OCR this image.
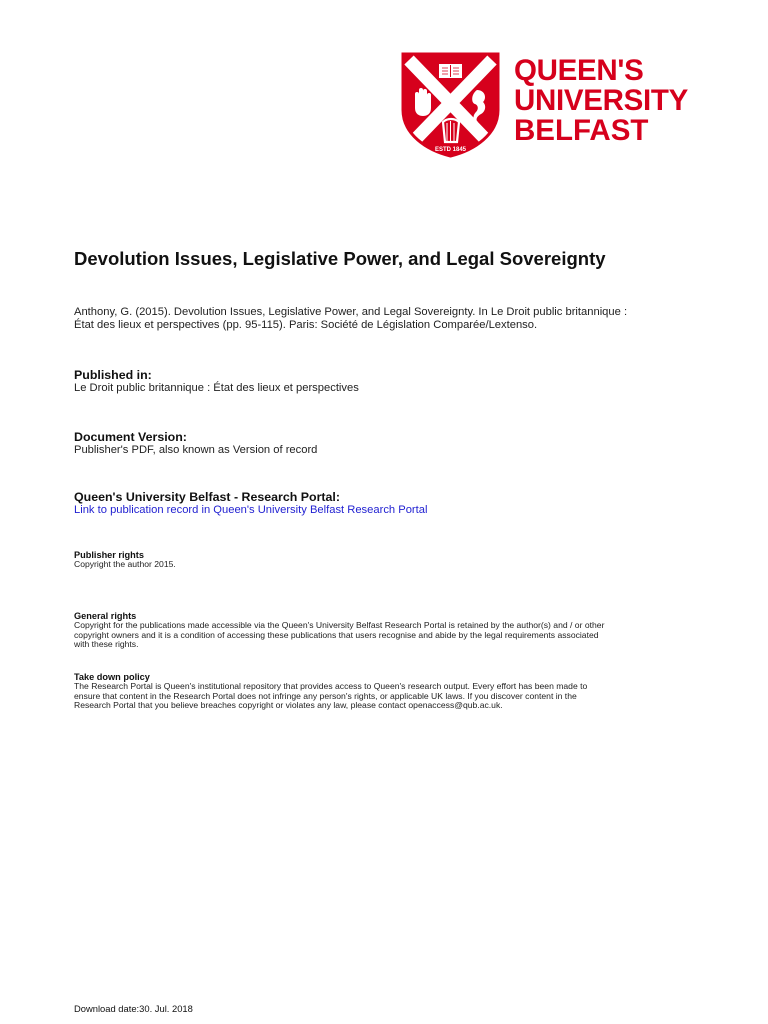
ESTD 1845
QUEEN'S
UNIVERSITY
BELFAST
Devolution Issues, Legislative Power, and Legal Sovereignty
Anthony, G. (2015). Devolution Issues, Legislative Power, and Legal Sovereignty. In Le Droit public britannique :
État des lieux et perspectives (pp. 95-115). Paris: Société de Législation Comparée/Lextenso.
Published in:
Le Droit public britannique : État des lieux et perspectives
Document Version:
Publisher's PDF, also known as Version of record
Queen's University Belfast - Research Portal:
Link to publication record in Queen's University Belfast Research Portal
Publisher rights
Copyright the author 2015.
General rights
Copyright for the publications made accessible via the Queen's University Belfast Research Portal is retained by the author(s) and / or other
copyright owners and it is a condition of accessing these publications that users recognise and abide by the legal requirements associated
with these rights.
Take down policy
The Research Portal is Queen's institutional repository that provides access to Queen's research output. Every effort has been made to
ensure that content in the Research Portal does not infringe any person's rights, or applicable UK laws. If you discover content in the
Research Portal that you believe breaches copyright or violates any law, please contact openaccess@qub.ac.uk.
Download date:30. Jul. 2018
